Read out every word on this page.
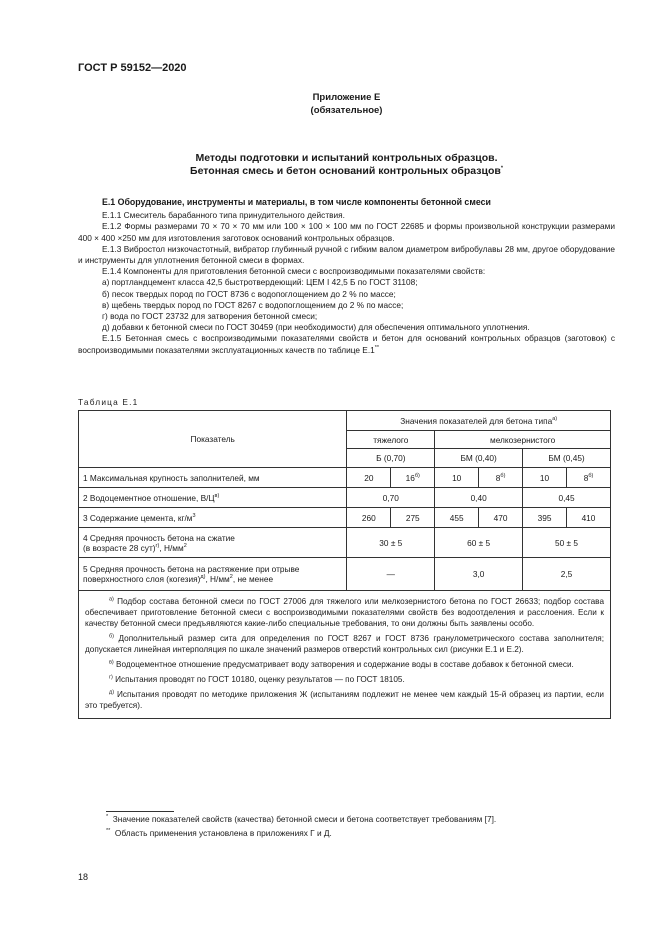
ГОСТ Р 59152—2020
Приложение Е
(обязательное)
Методы подготовки и испытаний контрольных образцов.
Бетонная смесь и бетон оснований контрольных образцов*

Е.1 Оборудование, инструменты и материалы, в том числе компоненты бетонной смеси

Е.1.1 Смеситель барабанного типа принудительного действия.

Е.1.2 Формы размерами 70 × 70 × 70 мм или 100 × 100 × 100 мм по ГОСТ 22685 и формы произвольной конструкции размерами 400 × 400 ×250 мм для изготовления заготовок оснований контрольных образцов.

Е.1.3 Вибростол низкочастотный, вибратор глубинный ручной с гибким валом диаметром вибробулавы 28 мм, другое оборудование и инструменты для уплотнения бетонной смеси в формах.

Е.1.4 Компоненты для приготовления бетонной смеси с воспроизводимыми показателями свойств:

а) портландцемент класса 42,5 быстротвердеющий: ЦЕМ I 42,5 Б по ГОСТ 31108;

б) песок твердых пород по ГОСТ 8736 с водопоглощением до 2 % по массе;

в) щебень твердых пород по ГОСТ 8267 с водопоглощением до 2 % по массе;

г) вода по ГОСТ 23732 для затворения бетонной смеси;

д) добавки к бетонной смеси по ГОСТ 30459 (при необходимости) для обеспечения оптимального уплотнения.

Е.1.5 Бетонная смесь с воспроизводимыми показателями свойств и бетон для оснований контрольных образцов (заготовок) с воспроизводимыми показателями эксплуатационных качеств по таблице Е.1**

Таблица Е.1
Показатель	Значения показателей для бетона типа$^{а)}$
	тяжелого		мелкозернистого			
	Б (0,70)		БМ (0,40)		БМ (0,45)	
1 Максимальная крупность заполнителей, мм	20	$16^{б)}$	10	$8^{б)}$	10	$8^{б)}$
2 Водоцементное отношение, $В/Ц^{в)}$	0,70		0,40		0,45	
3 Содержание цемента, $кг/м^3$	260	275	455	470	395	410

4 Средняя прочность бетона на сжатие
(в возрасте 28 сут)$^{г)}$, $Н/мм^2$	30 ± 5		60 ± 5		50 ± 5	

5 Средняя прочность бетона на растяжение при отрыве
поверхностного слоя (когезия)$^{д)}$, $Н/мм^2$, не менее	—		3,0		2,5	

$^{а)}$ Подбор состава бетонной смеси по ГОСТ 27006 для тяжелого или мелкозернистого бетона по ГОСТ 26633; подбор состава обеспечивает приготовление бетонной смеси с воспроизводимыми показателями свойств без водоотделения и расслоения. Если к качеству бетонной смеси предъявляются какие-либо специальные требования, то они должны быть заявлены особо.

$^{б)}$ Дополнительный размер сита для определения по ГОСТ 8267 и ГОСТ 8736 гранулометрического состава заполнителя; допускается линейная интерполяция по шкале значений размеров отверстий контрольных сил (рисунки Е.1 и Е.2).

$^{в)}$ Водоцементное отношение предусматривает воду затворения и содержание воды в составе добавок к бетонной смеси.

$^{г)}$ Испытания проводят по ГОСТ 10180, оценку результатов — по ГОСТ 18105.

$^{д)}$ Испытания проводят по методике приложения Ж (испытаниям подлежит не менее чем каждый 15-й образец из партии, если это требуется).						

* Значение показателей свойств (качества) бетонной смеси и бетона соответствует требованиям [7].
** Область применения установлена в приложениях Г и Д.
18
